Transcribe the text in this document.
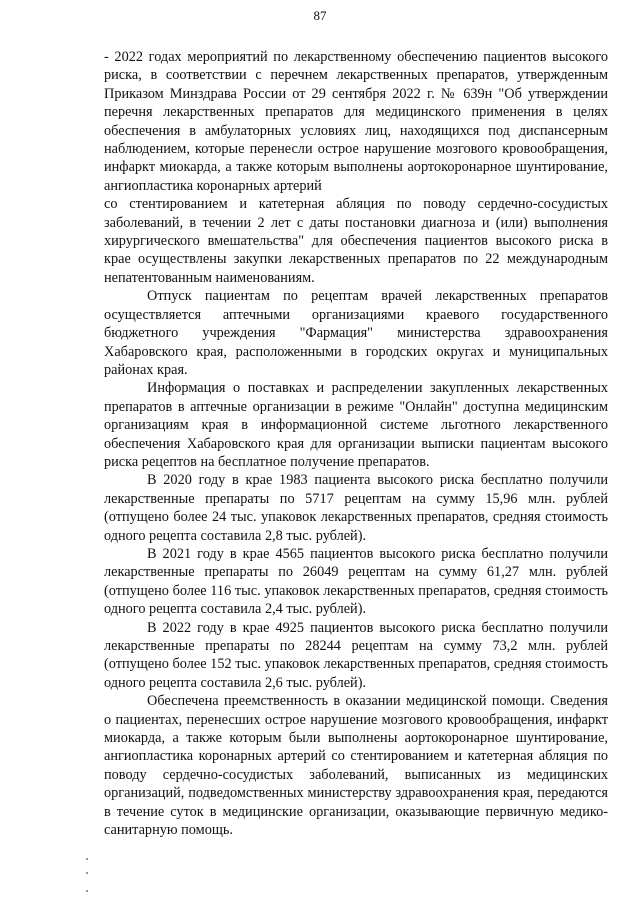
87

- 2022 годах мероприятий по лекарственному обеспечению пациентов высокого риска, в соответствии с перечнем лекарственных препаратов, утвержденным Приказом Минздрава России от 29 сентября 2022 г. № 639н "Об утверждении перечня лекарственных препаратов для медицинского применения в целях обеспечения в амбулаторных условиях лиц, находящихся под диспансерным наблюдением, которые перенесли острое нарушение мозгового кровообращения, инфаркт миокарда, а также которым выполнены аортокоронарное шунтирование, ангиопластика коронарных артерий

со стентированием и катетерная абляция по поводу сердечно-сосудистых заболеваний, в течении 2 лет с даты постановки диагноза и (или) выполнения хирургического вмешательства" для обеспечения пациентов высокого риска в крае осуществлены закупки лекарственных препаратов по 22 международным непатентованным наименованиям.

Отпуск пациентам по рецептам врачей лекарственных препаратов осуществляется аптечными организациями краевого государственного бюджетного учреждения "Фармация" министерства здравоохранения Хабаровского края, расположенными в городских округах и муниципальных районах края.

Информация о поставках и распределении закупленных лекарственных препаратов в аптечные организации в режиме "Онлайн" доступна медицинским организациям края в информационной системе льготного лекарственного обеспечения Хабаровского края для организации выписки пациентам высокого риска рецептов на бесплатное получение препаратов.

В 2020 году в крае 1983 пациента высокого риска бесплатно получили лекарственные препараты по 5717 рецептам на сумму 15,96 млн. рублей (отпущено более 24 тыс. упаковок лекарственных препаратов, средняя стоимость одного рецепта составила 2,8 тыс. рублей).

В 2021 году в крае 4565 пациентов высокого риска бесплатно получили лекарственные препараты по 26049 рецептам на сумму 61,27 млн. рублей (отпущено более 116 тыс. упаковок лекарственных препаратов, средняя стоимость одного рецепта составила 2,4 тыс. рублей).

В 2022 году в крае 4925 пациентов высокого риска бесплатно получили лекарственные препараты по 28244 рецептам на сумму 73,2 млн. рублей (отпущено более 152 тыс. упаковок лекарственных препаратов, средняя стоимость одного рецепта составила 2,6 тыс. рублей).

Обеспечена преемственность в оказании медицинской помощи. Сведения о пациентах, перенесших острое нарушение мозгового кровообращения, инфаркт миокарда, а также которым были выполнены аортокоронарное шунтирование, ангиопластика коронарных артерий со стентированием и катетерная абляция по поводу сердечно-сосудистых заболеваний, выписанных из медицинских организаций, подведомственных министерству здравоохранения края, передаются в течение суток в медицинские организации, оказывающие первичную медико-санитарную помощь.
